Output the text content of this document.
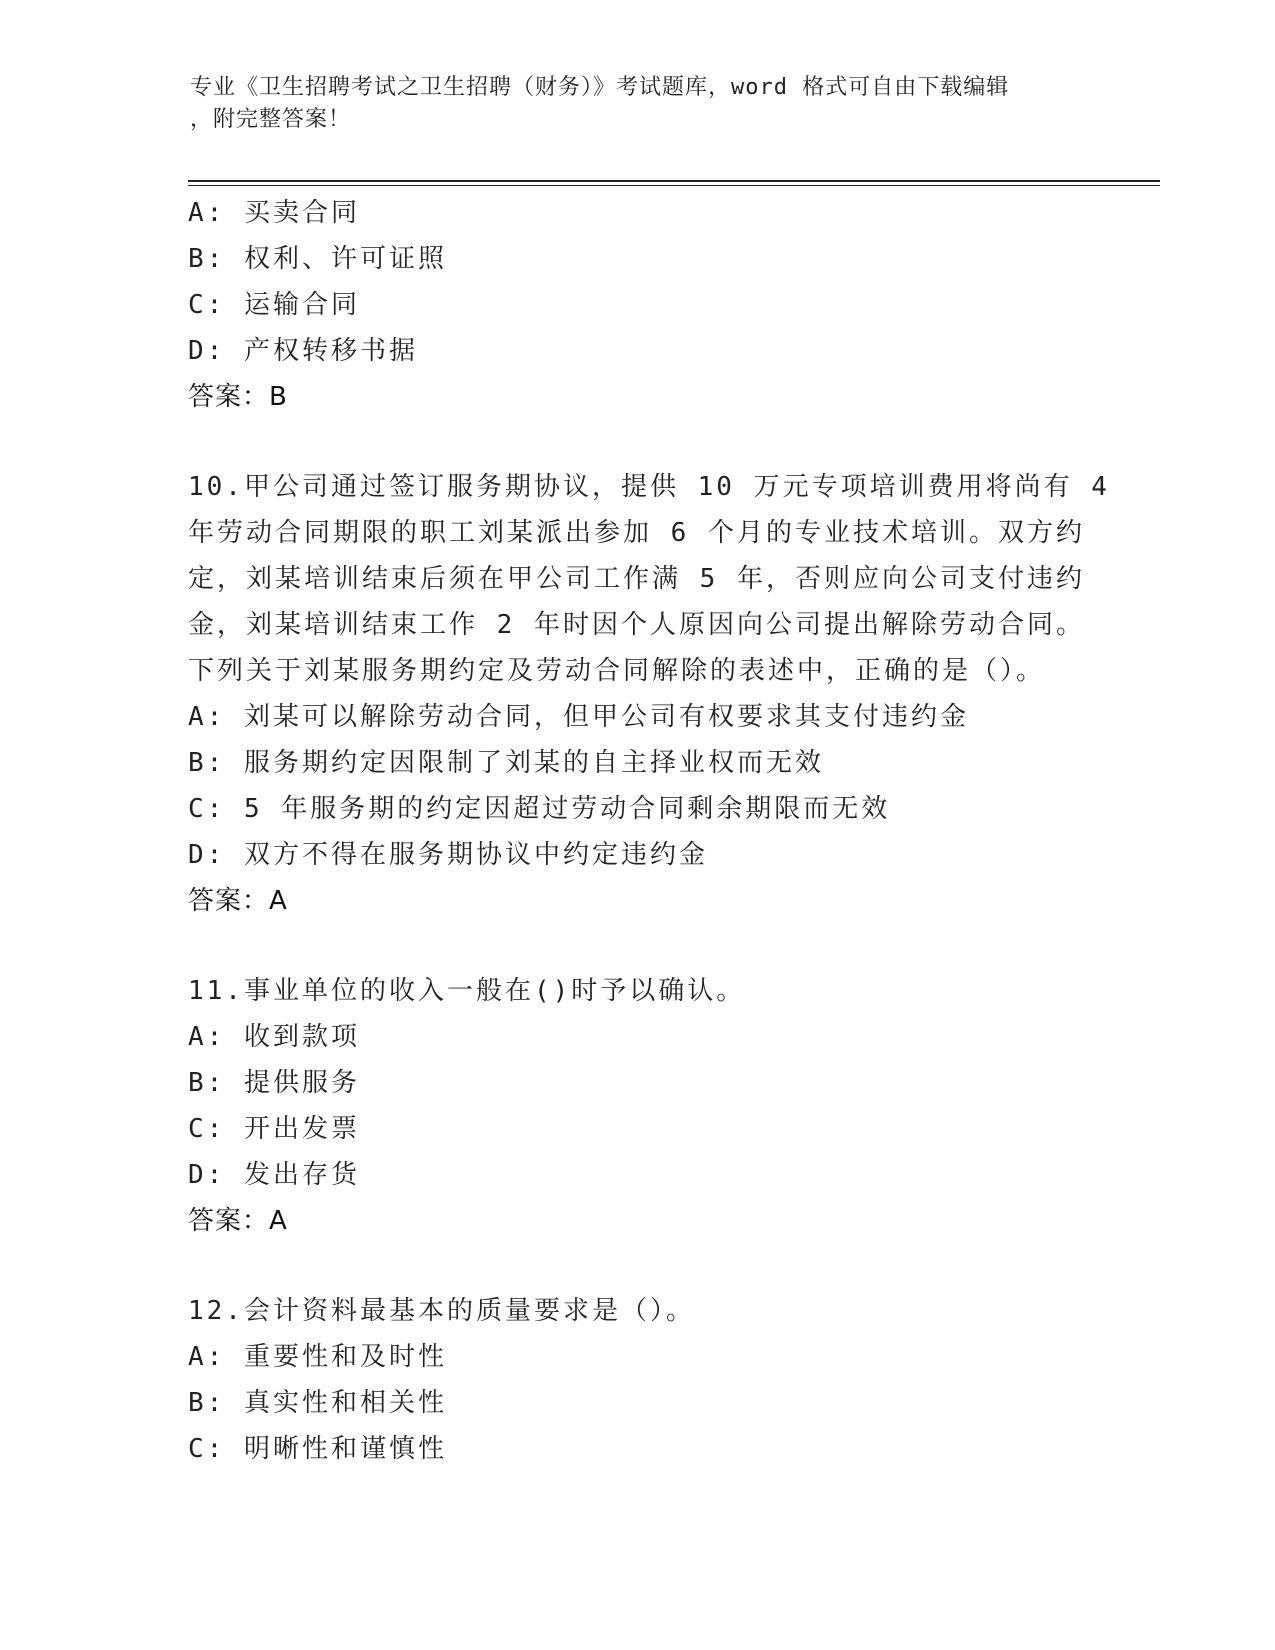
专业《卫生招聘考试之卫生招聘（财务）》考试题库，word 格式可自由下载编辑
，附完整答案！
A: 买卖合同
B: 权利、许可证照
C: 运输合同
D: 产权转移书据
答案：B
10.甲公司通过签订服务期协议，提供 10 万元专项培训费用将尚有 4
年劳动合同期限的职工刘某派出参加 6 个月的专业技术培训。双方约
定，刘某培训结束后须在甲公司工作满 5 年，否则应向公司支付违约
金，刘某培训结束工作 2 年时因个人原因向公司提出解除劳动合同。
下列关于刘某服务期约定及劳动合同解除的表述中，正确的是（）。
A: 刘某可以解除劳动合同，但甲公司有权要求其支付违约金
B: 服务期约定因限制了刘某的自主择业权而无效
C: 5 年服务期的约定因超过劳动合同剩余期限而无效
D: 双方不得在服务期协议中约定违约金
答案：A
11.事业单位的收入一般在()时予以确认。
A: 收到款项
B: 提供服务
C: 开出发票
D: 发出存货
答案：A
12.会计资料最基本的质量要求是（）。
A: 重要性和及时性
B: 真实性和相关性
C: 明晰性和谨慎性
